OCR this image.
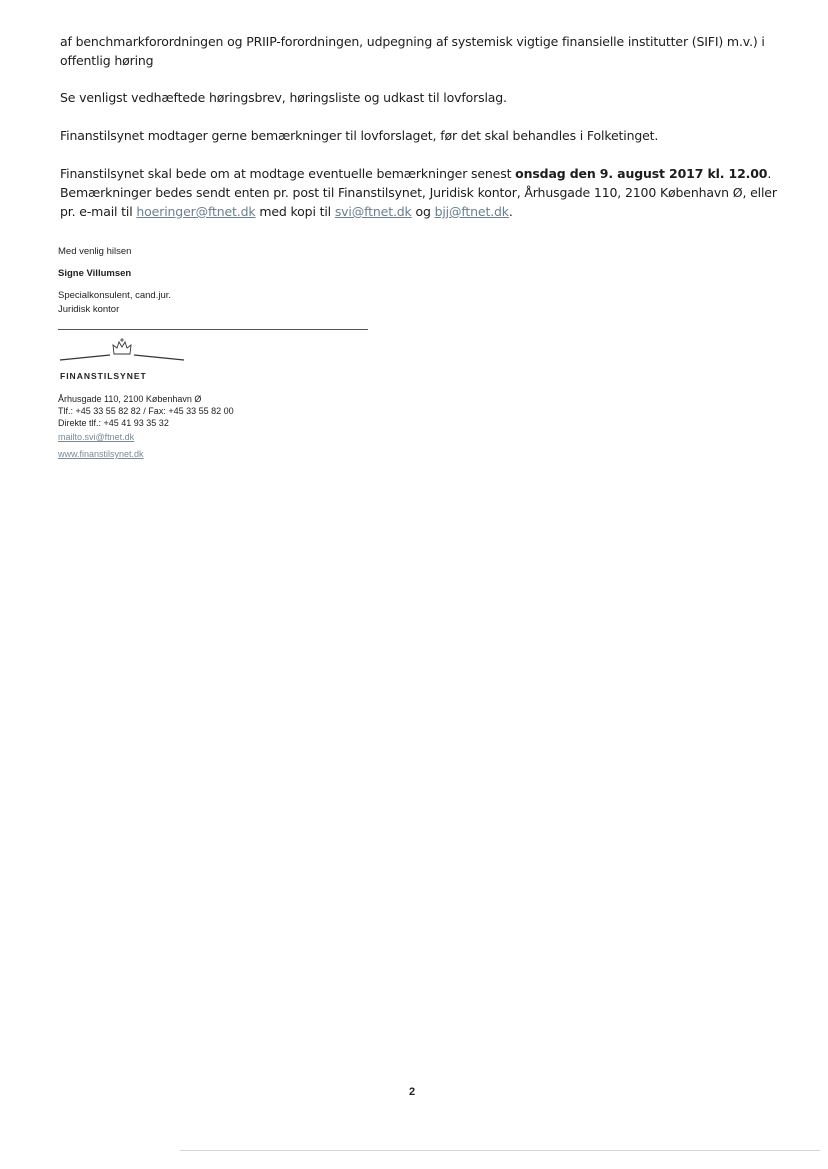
af benchmarkforordningen og PRIIP-forordningen, udpegning af systemisk vigtige finansielle institutter (SIFI) m.v.) i offentlig høring
Se venligst vedhæftede høringsbrev, høringsliste og udkast til lovforslag.
Finanstilsynet modtager gerne bemærkninger til lovforslaget, før det skal behandles i Folketinget.
Finanstilsynet skal bede om at modtage eventuelle bemærkninger senest onsdag den 9. august 2017 kl. 12.00. Bemærkninger bedes sendt enten pr. post til Finanstilsynet, Juridisk kontor, Århusgade 110, 2100 København Ø, eller pr. e-mail til hoeringer@ftnet.dk med kopi til svi@ftnet.dk og bjj@ftnet.dk.
Med venlig hilsen
Signe Villumsen
Specialkonsulent, cand.jur.
Juridisk kontor
FINANSTILSYNET
Århusgade 110, 2100 København Ø
Tlf.: +45 33 55 82 82 / Fax: +45 33 55 82 00
Direkte tlf.: +45 41 93 35 32
mailto.svi@ftnet.dk
www.finanstilsynet.dk
2
